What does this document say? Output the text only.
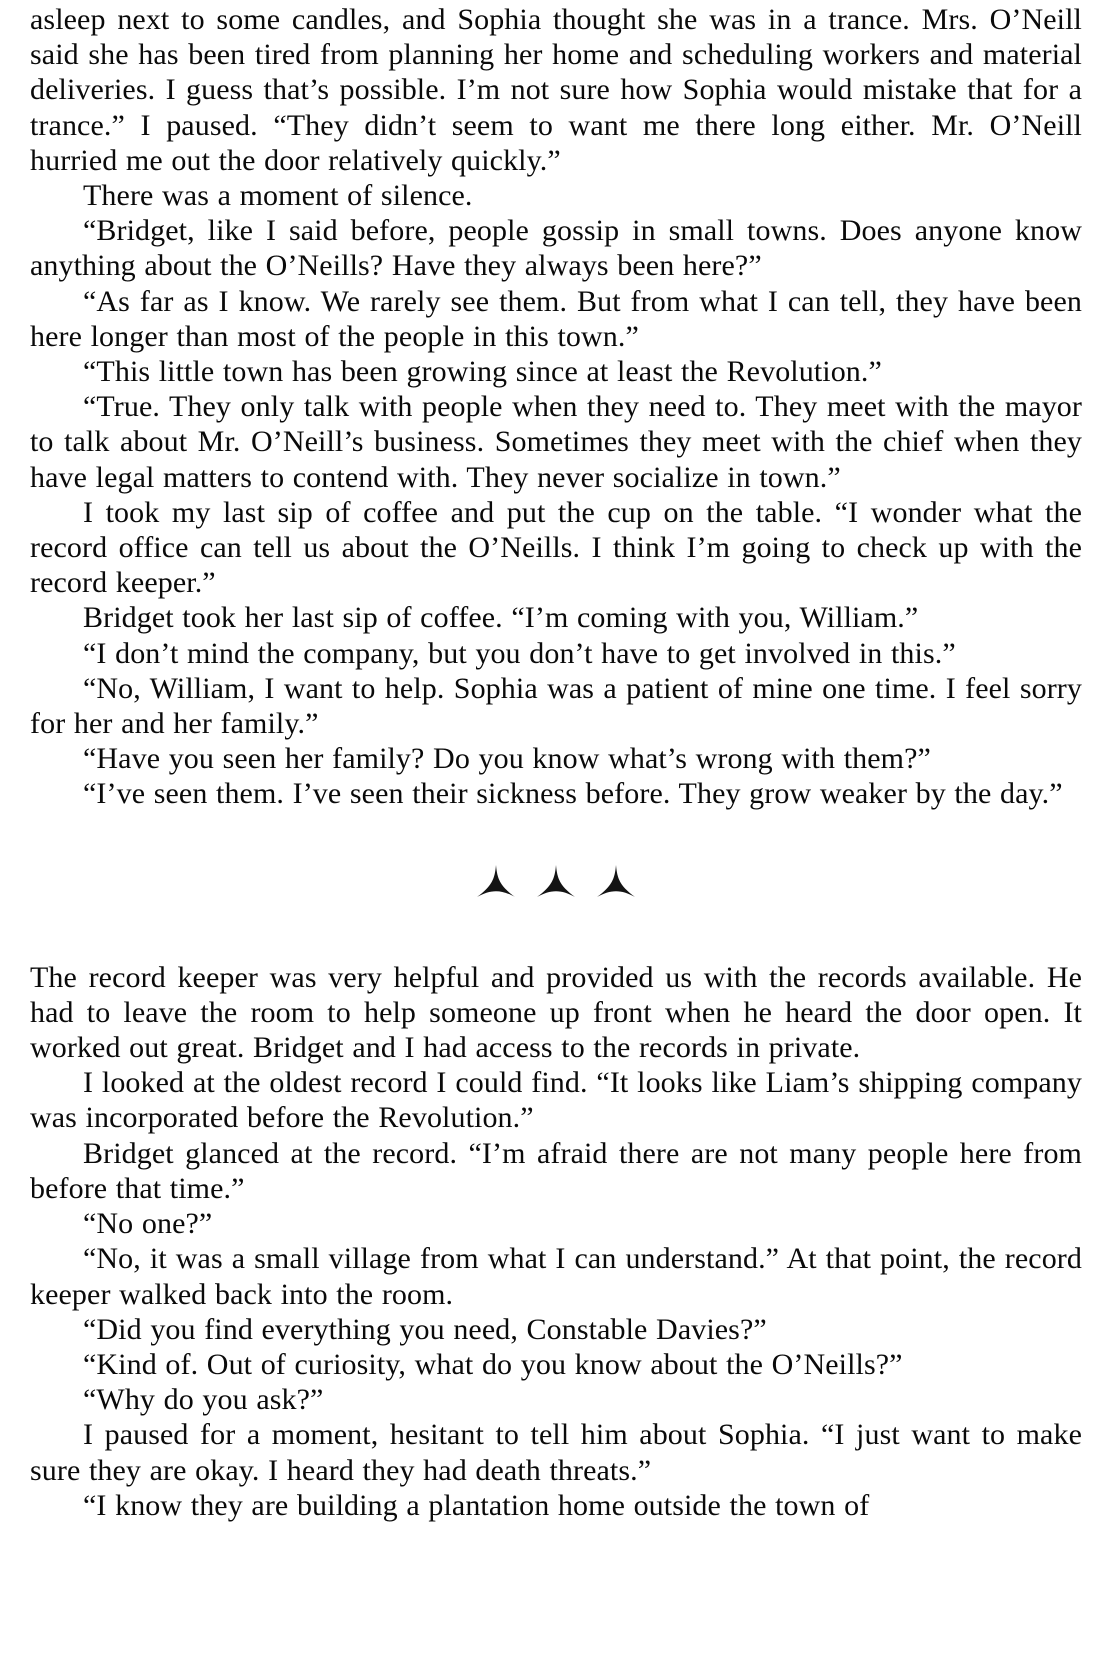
asleep next to some candles, and Sophia thought she was in a trance. Mrs. O’Neill said she has been tired from planning her home and scheduling workers and material deliveries. I guess that’s possible. I’m not sure how Sophia would mistake that for a trance.” I paused. “They didn’t seem to want me there long either. Mr. O’Neill hurried me out the door relatively quickly.”

There was a moment of silence.

“Bridget, like I said before, people gossip in small towns. Does anyone know anything about the O’Neills? Have they always been here?”

“As far as I know. We rarely see them. But from what I can tell, they have been here longer than most of the people in this town.”

“This little town has been growing since at least the Revolution.”

“True. They only talk with people when they need to. They meet with the mayor to talk about Mr. O’Neill’s business. Sometimes they meet with the chief when they have legal matters to contend with. They never socialize in town.”

I took my last sip of coffee and put the cup on the table. “I wonder what the record office can tell us about the O’Neills. I think I’m going to check up with the record keeper.”

Bridget took her last sip of coffee. “I’m coming with you, William.”

“I don’t mind the company, but you don’t have to get involved in this.”

“No, William, I want to help. Sophia was a patient of mine one time. I feel sorry for her and her family.”

“Have you seen her family? Do you know what’s wrong with them?”

“I’ve seen them. I’ve seen their sickness before. They grow weaker by the day.”

The record keeper was very helpful and provided us with the records available. He had to leave the room to help someone up front when he heard the door open. It worked out great. Bridget and I had access to the records in private.

I looked at the oldest record I could find. “It looks like Liam’s shipping company was incorporated before the Revolution.”

Bridget glanced at the record. “I’m afraid there are not many people here from before that time.”

“No one?”

“No, it was a small village from what I can understand.” At that point, the record keeper walked back into the room.

“Did you find everything you need, Constable Davies?”

“Kind of. Out of curiosity, what do you know about the O’Neills?”

“Why do you ask?”

I paused for a moment, hesitant to tell him about Sophia. “I just want to make sure they are okay. I heard they had death threats.”

“I know they are building a plantation home outside the town of
